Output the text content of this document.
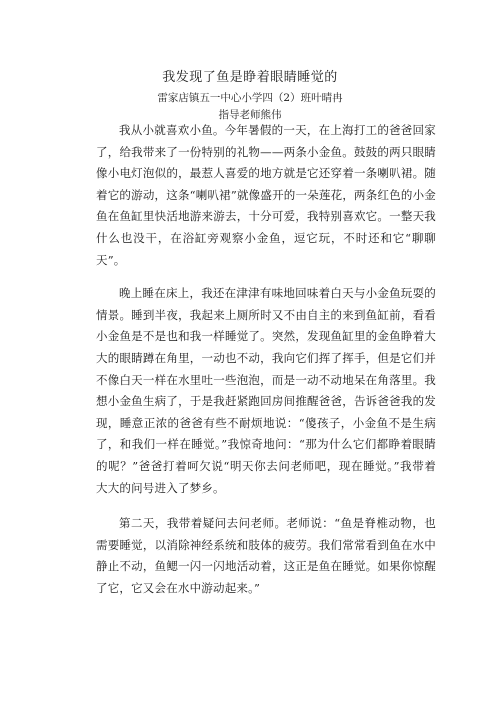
我发现了鱼是睁着眼睛睡觉的
雷家店镇五一中心小学四（2）班叶晴冉
指导老师熊伟

我从小就喜欢小鱼。今年暑假的一天，在上海打工的爸爸回家了，给我带来了一份特别的礼物——两条小金鱼。鼓鼓的两只眼睛像小电灯泡似的，最惹人喜爱的地方就是它还穿着一条喇叭裙。随着它的游动，这条“喇叭裙”就像盛开的一朵莲花，两条红色的小金鱼在鱼缸里快活地游来游去，十分可爱，我特别喜欢它。一整天我什么也没干，在浴缸旁观察小金鱼，逗它玩，不时还和它“聊聊天”。

晚上睡在床上，我还在津津有味地回味着白天与小金鱼玩耍的情景。睡到半夜，我起来上厕所时又不由自主的来到鱼缸前，看看小金鱼是不是也和我一样睡觉了。突然，发现鱼缸里的金鱼睁着大大的眼睛蹲在角里，一动也不动，我向它们挥了挥手，但是它们并不像白天一样在水里吐一些泡泡，而是一动不动地呆在角落里。我想小金鱼生病了，于是我赶紧跑回房间推醒爸爸，告诉爸爸我的发现，睡意正浓的爸爸有些不耐烦地说：“傻孩子，小金鱼不是生病了，和我们一样在睡觉。”我惊奇地问：“那为什么它们都睁着眼睛的呢？”爸爸打着呵欠说“明天你去问老师吧，现在睡觉。”我带着大大的问号进入了梦乡。

第二天，我带着疑问去问老师。老师说：“鱼是脊椎动物，也需要睡觉，以消除神经系统和肢体的疲劳。我们常常看到鱼在水中静止不动，鱼鳃一闪一闪地活动着，这正是鱼在睡觉。如果你惊醒了它，它又会在水中游动起来。”
